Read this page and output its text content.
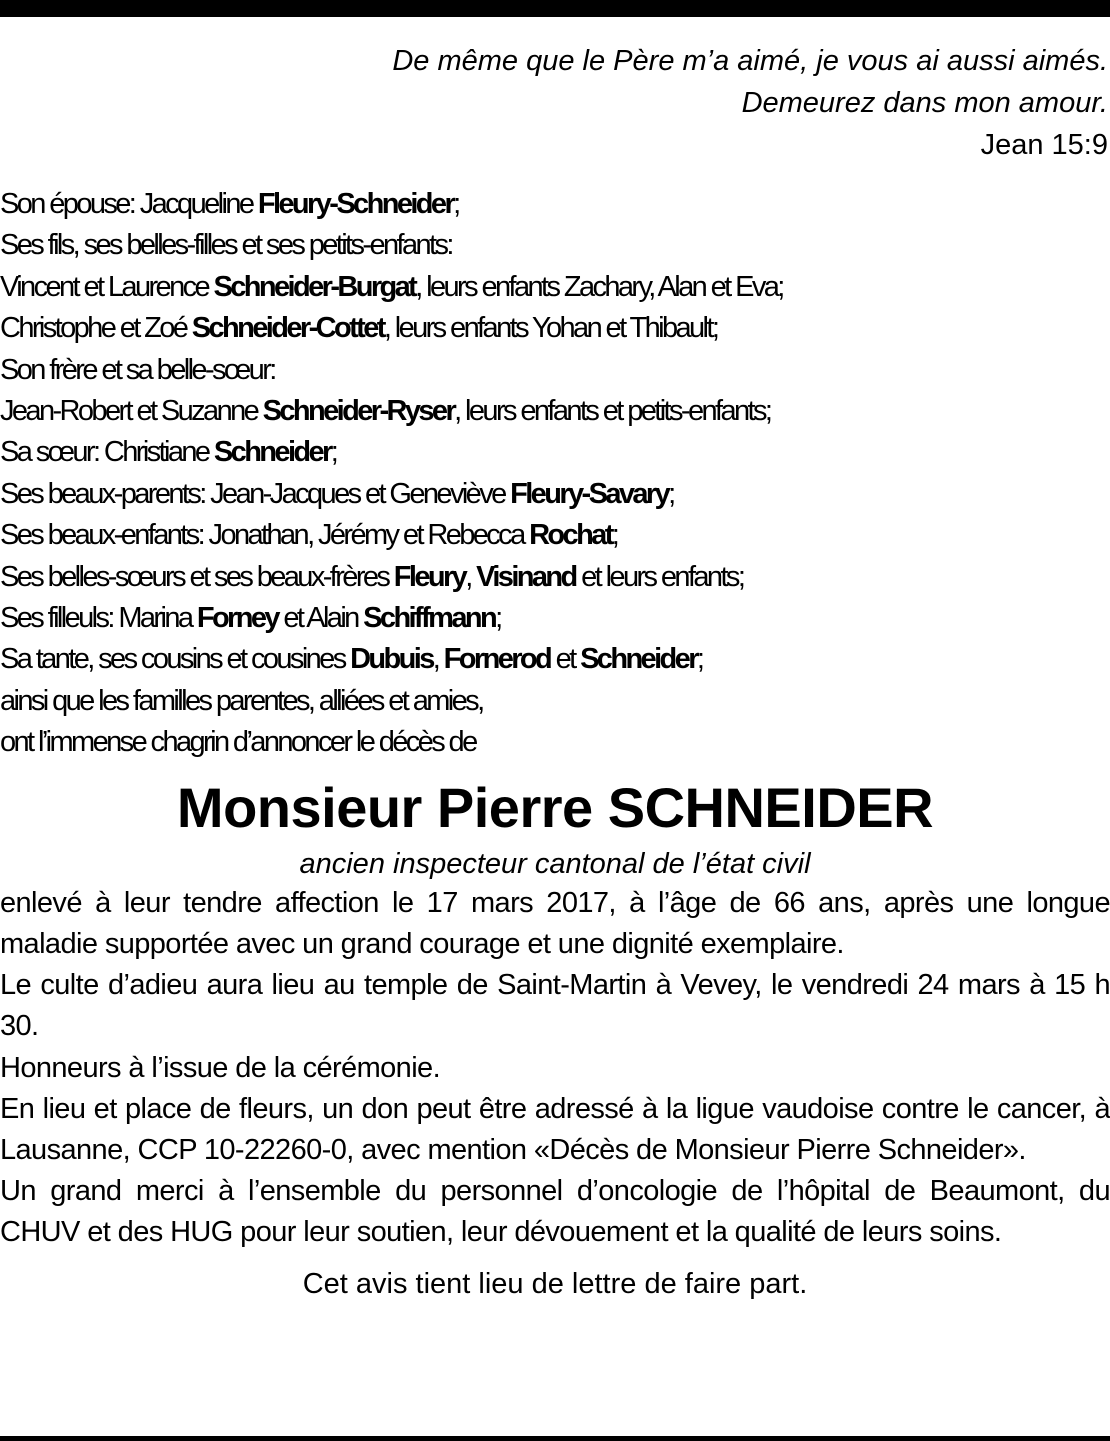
De même que le Père m’a aimé, je vous ai aussi aimés.
Demeurez dans mon amour.
Jean 15:9
Son épouse: Jacqueline Fleury-Schneider;
Ses fils, ses belles-filles et ses petits-enfants:
Vincent et Laurence Schneider-Burgat, leurs enfants Zachary, Alan et Eva;
Christophe et Zoé Schneider-Cottet, leurs enfants Yohan et Thibault;
Son frère et sa belle-sœur:
Jean-Robert et Suzanne Schneider-Ryser, leurs enfants et petits-enfants;
Sa sœur: Christiane Schneider;
Ses beaux-parents: Jean-Jacques et Geneviève Fleury-Savary;
Ses beaux-enfants: Jonathan, Jérémy et Rebecca Rochat;
Ses belles-sœurs et ses beaux-frères Fleury, Visinand et leurs enfants;
Ses filleuls: Marina Forney et Alain Schiffmann;
Sa tante, ses cousins et cousines Dubuis, Fornerod et Schneider;
ainsi que les familles parentes, alliées et amies,
ont l’immense chagrin d’annoncer le décès de
Monsieur Pierre SCHNEIDER
ancien inspecteur cantonal de l’état civil

enlevé à leur tendre affection le 17 mars 2017, à l’âge de 66 ans, après une longue maladie supportée avec un grand courage et une dignité exemplaire.

Le culte d’adieu aura lieu au temple de Saint-Martin à Vevey, le vendredi 24 mars à 15 h 30.

Honneurs à l’issue de la cérémonie.

En lieu et place de fleurs, un don peut être adressé à la ligue vaudoise contre le cancer, à Lausanne, CCP 10-22260-0, avec mention «Décès de Monsieur Pierre Schneider».

Un grand merci à l’ensemble du personnel d’oncologie de l’hôpital de Beaumont, du CHUV et des HUG pour leur soutien, leur dévouement et la qualité de leurs soins.

Cet avis tient lieu de lettre de faire part.
